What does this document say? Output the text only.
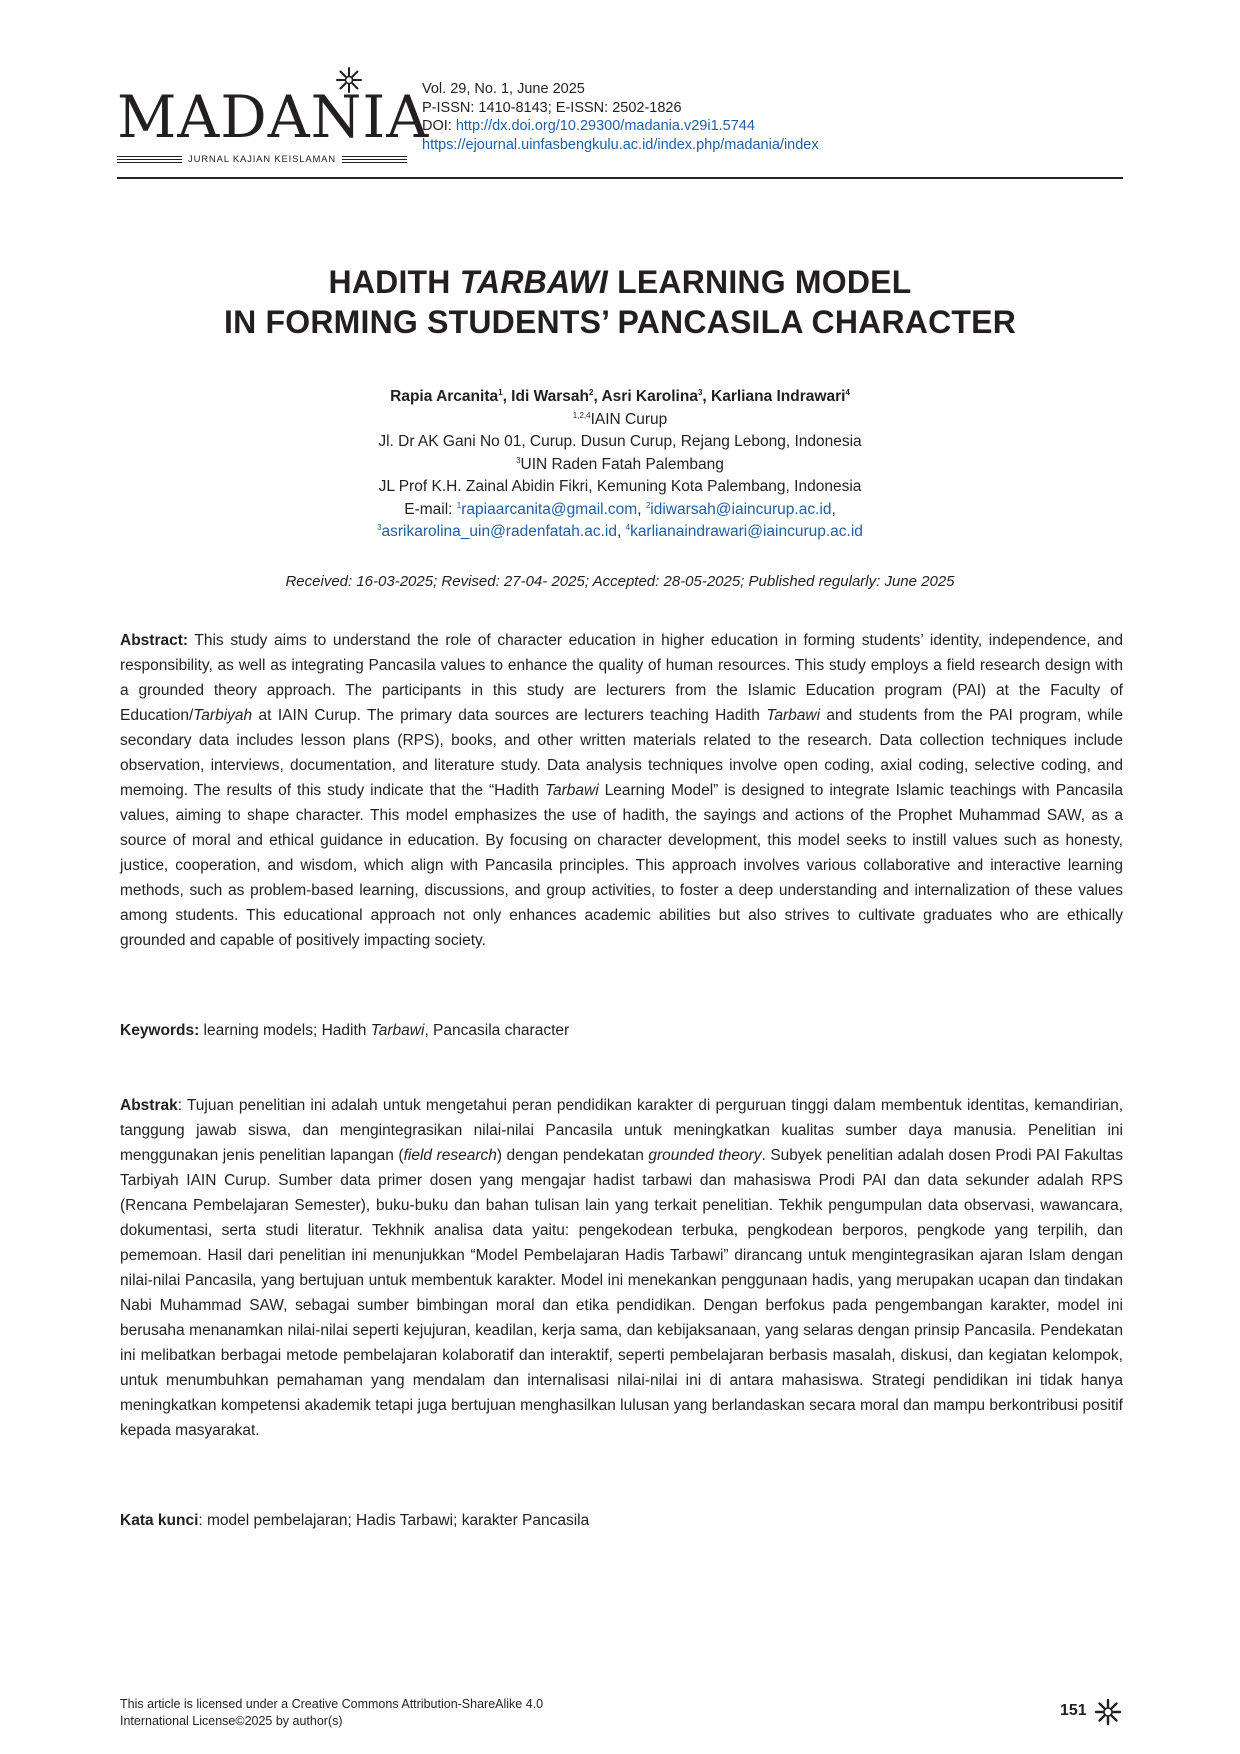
MADANIA
JURNAL KAJIAN KEISLAMAN
Vol. 29, No. 1, June 2025
P-ISSN: 1410-8143; E-ISSN: 2502-1826
DOI: http://dx.doi.org/10.29300/madania.v29i1.5744
https://ejournal.uinfasbengkulu.ac.id/index.php/madania/index
HADITH TARBAWI LEARNING MODEL
IN FORMING STUDENTS’ PANCASILA CHARACTER
Rapia Arcanita$^1$, Idi Warsah$^2$, Asri Karolina$^3$, Karliana Indrawari$^4$
$^{1,2,4}$IAIN Curup
Jl. Dr AK Gani No 01, Curup. Dusun Curup, Rejang Lebong, Indonesia
$^3$UIN Raden Fatah Palembang
JL Prof K.H. Zainal Abidin Fikri, Kemuning Kota Palembang, Indonesia
E-mail: $^1$rapiaarcanita@gmail.com, $^2$idiwarsah@iaincurup.ac.id,
$^3$asrikarolina_uin@radenfatah.ac.id, $^4$karlianaindrawari@iaincurup.ac.id
Received: 16-03-2025; Revised: 27-04- 2025; Accepted: 28-05-2025; Published regularly: June 2025
Abstract: This study aims to understand the role of character education in higher education in forming students’ identity, independence, and responsibility, as well as integrating Pancasila values to enhance the quality of human resources. This study employs a field research design with a grounded theory approach. The participants in this study are lecturers from the Islamic Education program (PAI) at the Faculty of Education/Tarbiyah at IAIN Curup. The primary data sources are lecturers teaching Hadith Tarbawi and students from the PAI program, while secondary data includes lesson plans (RPS), books, and other written materials related to the research. Data collection techniques include observation, interviews, documentation, and literature study. Data analysis techniques involve open coding, axial coding, selective coding, and memoing. The results of this study indicate that the “Hadith Tarbawi Learning Model” is designed to integrate Islamic teachings with Pancasila values, aiming to shape character. This model emphasizes the use of hadith, the sayings and actions of the Prophet Muhammad SAW, as a source of moral and ethical guidance in education. By focusing on character development, this model seeks to instill values such as honesty, justice, cooperation, and wisdom, which align with Pancasila principles. This approach involves various collaborative and interactive learning methods, such as problem-based learning, discussions, and group activities, to foster a deep understanding and internalization of these values among students. This educational approach not only enhances academic abilities but also strives to cultivate graduates who are ethically grounded and capable of positively impacting society.
Keywords: learning models; Hadith Tarbawi, Pancasila character
Abstrak: Tujuan penelitian ini adalah untuk mengetahui peran pendidikan karakter di perguruan tinggi dalam membentuk identitas, kemandirian, tanggung jawab siswa, dan mengintegrasikan nilai-nilai Pancasila untuk meningkatkan kualitas sumber daya manusia. Penelitian ini menggunakan jenis penelitian lapangan (field research) dengan pendekatan grounded theory. Subyek penelitian adalah dosen Prodi PAI Fakultas Tarbiyah IAIN Curup. Sumber data primer dosen yang mengajar hadist tarbawi dan mahasiswa Prodi PAI dan data sekunder adalah RPS (Rencana Pembelajaran Semester), buku-buku dan bahan tulisan lain yang terkait penelitian. Tekhik pengumpulan data observasi, wawancara, dokumentasi, serta studi literatur. Tekhnik analisa data yaitu: pengekodean terbuka, pengkodean berporos, pengkode yang terpilih, dan pememoan. Hasil dari penelitian ini menunjukkan “Model Pembelajaran Hadis Tarbawi” dirancang untuk mengintegrasikan ajaran Islam dengan nilai-nilai Pancasila, yang bertujuan untuk membentuk karakter. Model ini menekankan penggunaan hadis, yang merupakan ucapan dan tindakan Nabi Muhammad SAW, sebagai sumber bimbingan moral dan etika pendidikan. Dengan berfokus pada pengembangan karakter, model ini berusaha menanamkan nilai-nilai seperti kejujuran, keadilan, kerja sama, dan kebijaksanaan, yang selaras dengan prinsip Pancasila. Pendekatan ini melibatkan berbagai metode pembelajaran kolaboratif dan interaktif, seperti pembelajaran berbasis masalah, diskusi, dan kegiatan kelompok, untuk menumbuhkan pemahaman yang mendalam dan internalisasi nilai-nilai ini di antara mahasiswa. Strategi pendidikan ini tidak hanya meningkatkan kompetensi akademik tetapi juga bertujuan menghasilkan lulusan yang berlandaskan secara moral dan mampu berkontribusi positif kepada masyarakat.
Kata kunci: model pembelajaran; Hadis Tarbawi; karakter Pancasila
This article is licensed under a Creative Commons Attribution-ShareAlike 4.0
International License©2025 by author(s)
151
